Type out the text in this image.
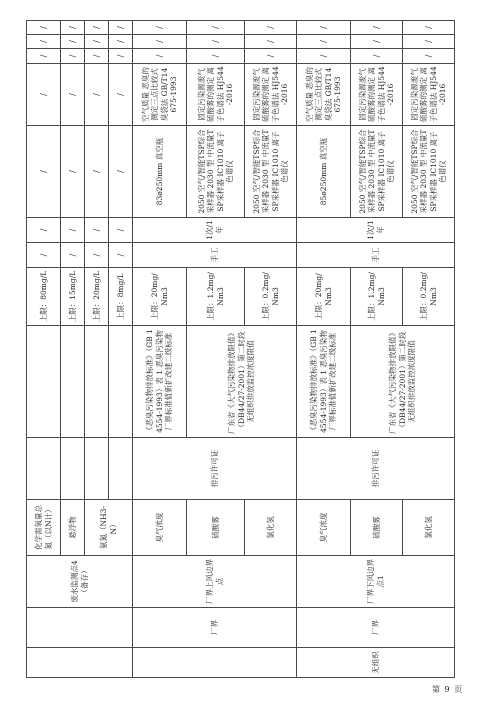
		废水监测点4（备存）	化学需氧量总氮（以N计）			上限：80mg/L	/	/	/	/	/	/	/
			悬浮物			上限：15mg/L	/	/	/	/	/	/	/
			氨氮（NH3-N）			上限：20mg/L	/	/	/	/	/	/	/
						上限：8mg/L	/	/	/	/	/	/	/
	厂界	厂界上风边界点	臭气浓度	排污许可证	《恶臭污染物排放标准》（GB 14554-1993）表 1 恶臭污染物厂界标准值新扩改建二级标准	上限：20mg/Nm3	手工	1次/1年	83ø250mm 真空瓶	空气质量 恶臭的测定三点比较式臭袋法 GB/T14675-1993	/	/	/
			硫酸雾		广东省《大气污染物排放限值》（DB44/27-2001）第二时段无组织排放监控浓度限值	上限：1.2mg/Nm3			2050 空气/智能TSP综合采样器 2030 型 中流量TSP采样器 IC1010 离子色谱仪	固定污染源废气 硫酸雾的测定 离子色谱法 HJ544-2016	/	/	/
			氯化氢			上限：0.2mg/Nm3			2050 空气/智能TSP综合采样器 2030 型 中流量TSP采样器 IC1010 离子色谱仪	固定污染源废气 硫酸雾的测定 离子色谱法 HJ544-2016	/	/	/
无组织	厂界	厂界下风边界点1	臭气浓度	排污许可证	《恶臭污染物排放标准》（GB 14554-1993）表 1 恶臭污染物厂界标准值新扩改建二级标准	上限：20mg/Nm3	手工	1次/1年	85ø250mm 真空瓶	空气质量 恶臭的测定三点比较式臭袋法 GB/T14675-1993	/	/	/
			硫酸雾		广东省《大气污染物排放限值》（DB44/27-2001）第二时段无组织排放监控浓度限值	上限：1.2mg/Nm3			2050 空气/智能TSP综合采样器 2030 型 中流量TSP采样器 IC1010 离子色谱仪	固定污染源废气 硫酸雾的测定 离子色谱法 HJ544-2016	/	/	/
			氯化氢			上限：0.2mg/Nm3			2050 空气/智能TSP综合采样器 2030 型 中流量TSP采样器 IC1010 离子色谱仪	固定污染源废气 硫酸雾的测定 离子色谱法 HJ544-2016	/	/	/
第 9 页
